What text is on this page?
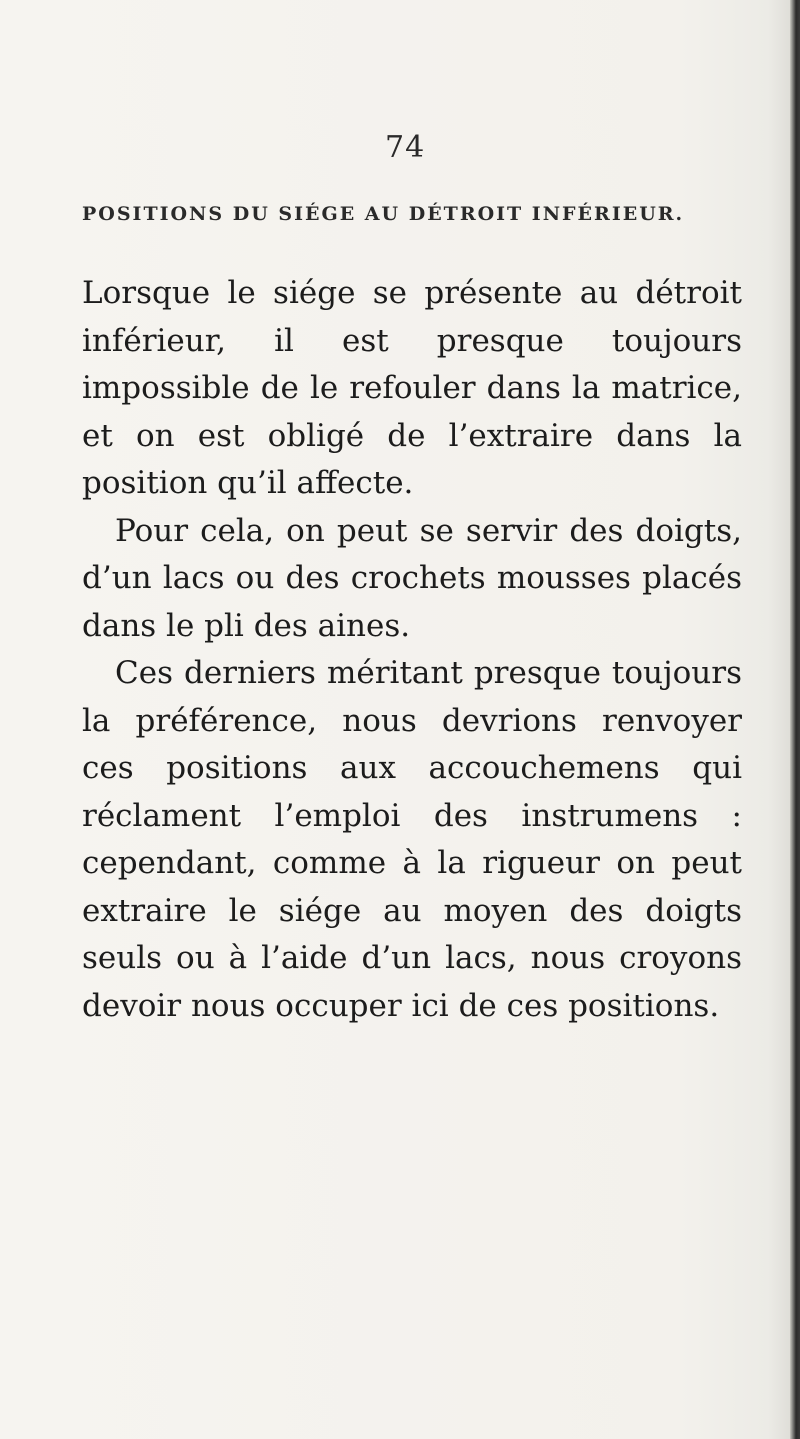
74
POSITIONS DU SIÉGE AU DÉTROIT INFÉRIEUR.

Lorsque le siége se présente au détroit inférieur, il est presque toujours impossible de le refouler dans la matrice, et on est obligé de l’extraire dans la position qu’il affecte.

Pour cela, on peut se servir des doigts, d’un lacs ou des crochets mousses placés dans le pli des aines.

Ces derniers méritant presque toujours la préférence, nous devrions renvoyer ces positions aux accouchemens qui réclament l’emploi des instrumens : cependant, comme à la rigueur on peut extraire le siége au moyen des doigts seuls ou à l’aide d’un lacs, nous croyons devoir nous occuper ici de ces positions.
